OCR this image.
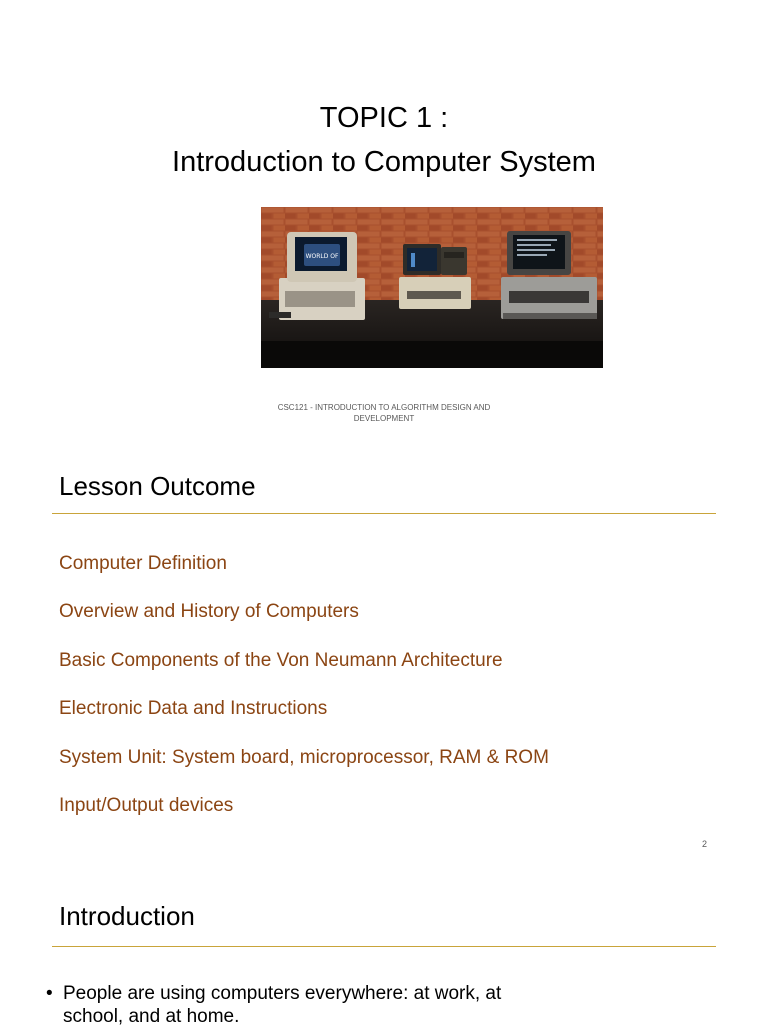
TOPIC 1 :
Introduction to Computer System
WORLD OF
CSC121 - INTRODUCTION TO ALGORITHM DESIGN AND
DEVELOPMENT
Lesson Outcome
Computer Definition
Overview and History of Computers
Basic Components of the Von Neumann Architecture
Electronic Data and Instructions
System Unit: System board, microprocessor, RAM & ROM
Input/Output devices
2
Introduction
• People are using computers everywhere: at work, at school, and at home.
